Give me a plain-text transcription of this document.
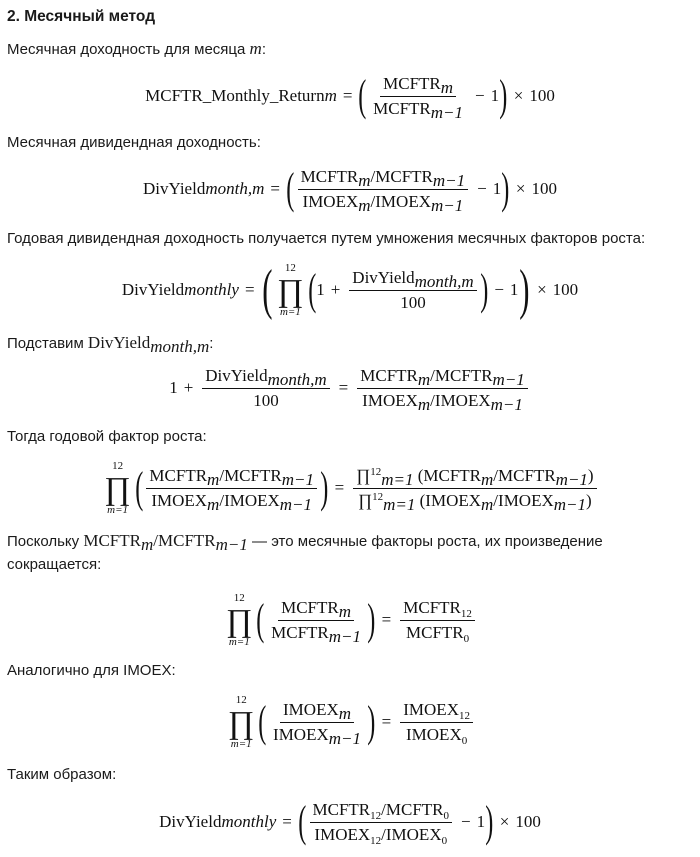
2. Месячный метод

Месячная доходность для месяца m:

MCFTR_Monthly_Return m = ( $\frac{MCFTR_m}{MCFTR_{m-1}} - 1$ ) × 100

Месячная дивидендная доходность:

DivYield month,m = ( $\frac{MCFTR_m/MCFTR_{m-1}}{IMOEX_m/IMOEX_{m-1}} - 1$ ) × 100

Годовая дивидендная доходность получается путем умножения месячных факторов роста:

DivYield monthly = ( 12
∏
m=1 ( $1 + \frac{DivYield_{month,m}}{100}$ ) − 1 ) × 100

Подставим DivYield$_{month,m}$:

$1 + \frac{DivYield_{month,m}}{100} = \frac{MCFTR_m/MCFTR_{m-1}}{IMOEX_m/IMOEX_{m-1}}$

Тогда годовой фактор роста:

12
∏
m=1 ( $\frac{MCFTR_m/MCFTR_{m-1}}{IMOEX_m/IMOEX_{m-1}}$ ) = $\frac{\prod^{12}_{m=1} (MCFTR_m/MCFTR_{m-1})}{\prod^{12}_{m=1} (IMOEX_m/IMOEX_{m-1})}$

Поскольку $MCFTR_m/MCFTR_{m-1}$ — это месячные факторы роста, их произведение

сокращается:

12
∏
m=1 ( $\frac{MCFTR_m}{MCFTR_{m-1}}$ ) = $\frac{MCFTR_{12}}{MCFTR_0}$

Аналогично для IMOEX:

12
∏
m=1 ( $\frac{IMOEX_m}{IMOEX_{m-1}}$ ) = $\frac{IMOEX_{12}}{IMOEX_0}$

Таким образом:

DivYield monthly = ( $\frac{MCFTR_{12}/MCFTR_0}{IMOEX_{12}/IMOEX_0} - 1$ ) × 100
